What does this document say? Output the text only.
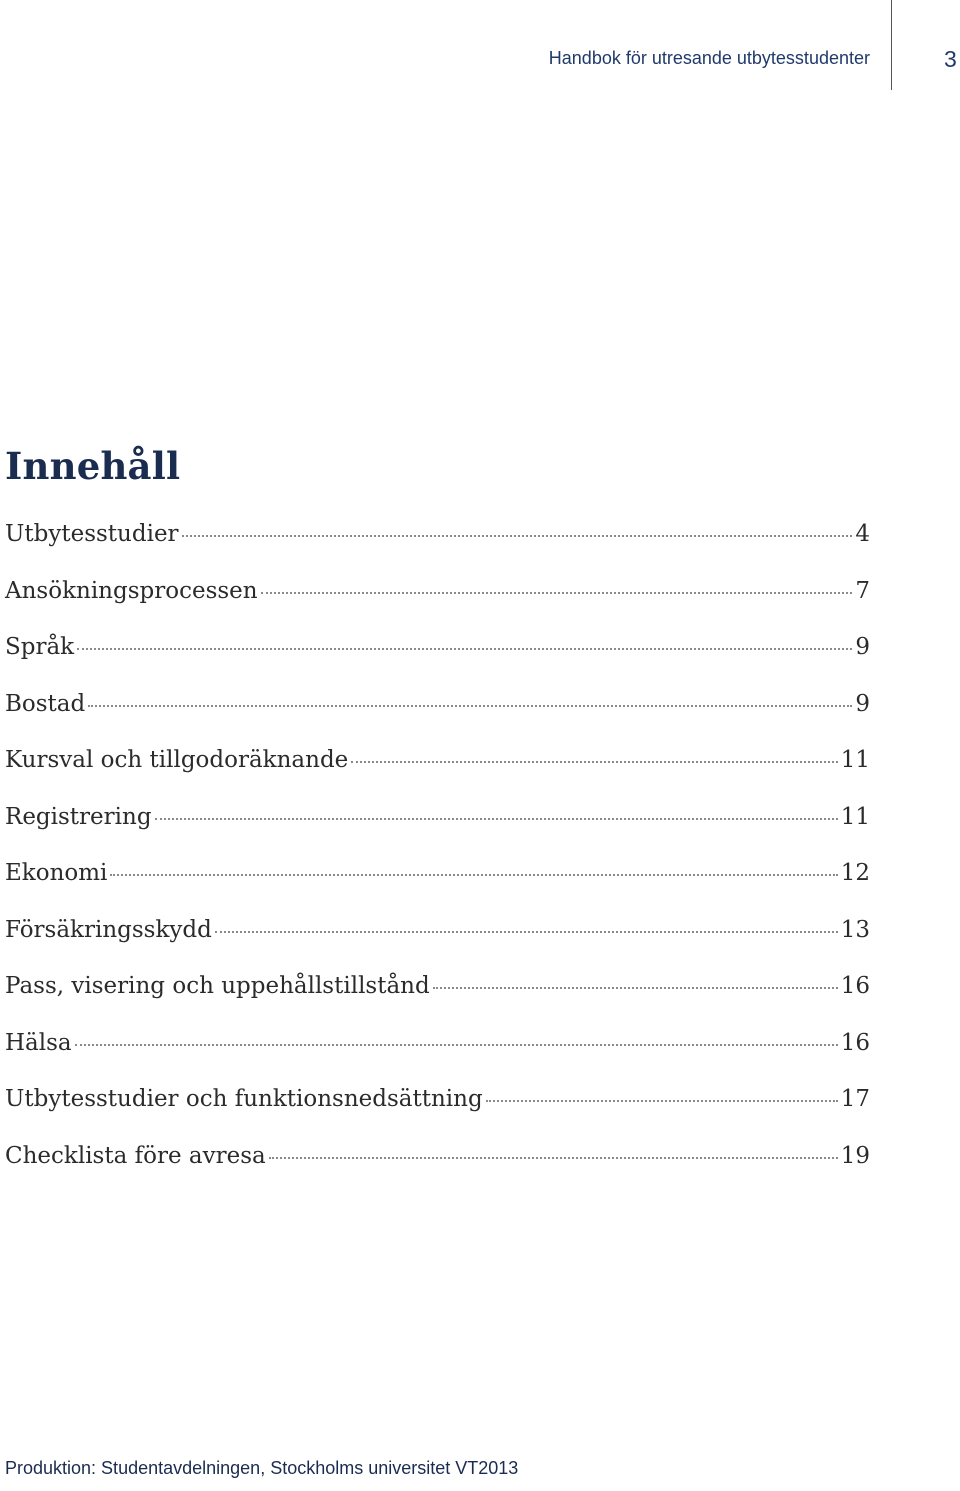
Handbok för utresande utbytesstudenter	3
Innehåll
Utbytesstudier	4
Ansökningsprocessen	7
Språk	9
Bostad	9
Kursval och tillgodoräknande	11
Registrering	11
Ekonomi	12
Försäkringsskydd	13
Pass, visering och uppehållstillstånd	16
Hälsa	16
Utbytesstudier och funktionsnedsättning	17
Checklista före avresa	19
Produktion: Studentavdelningen, Stockholms universitet VT2013
